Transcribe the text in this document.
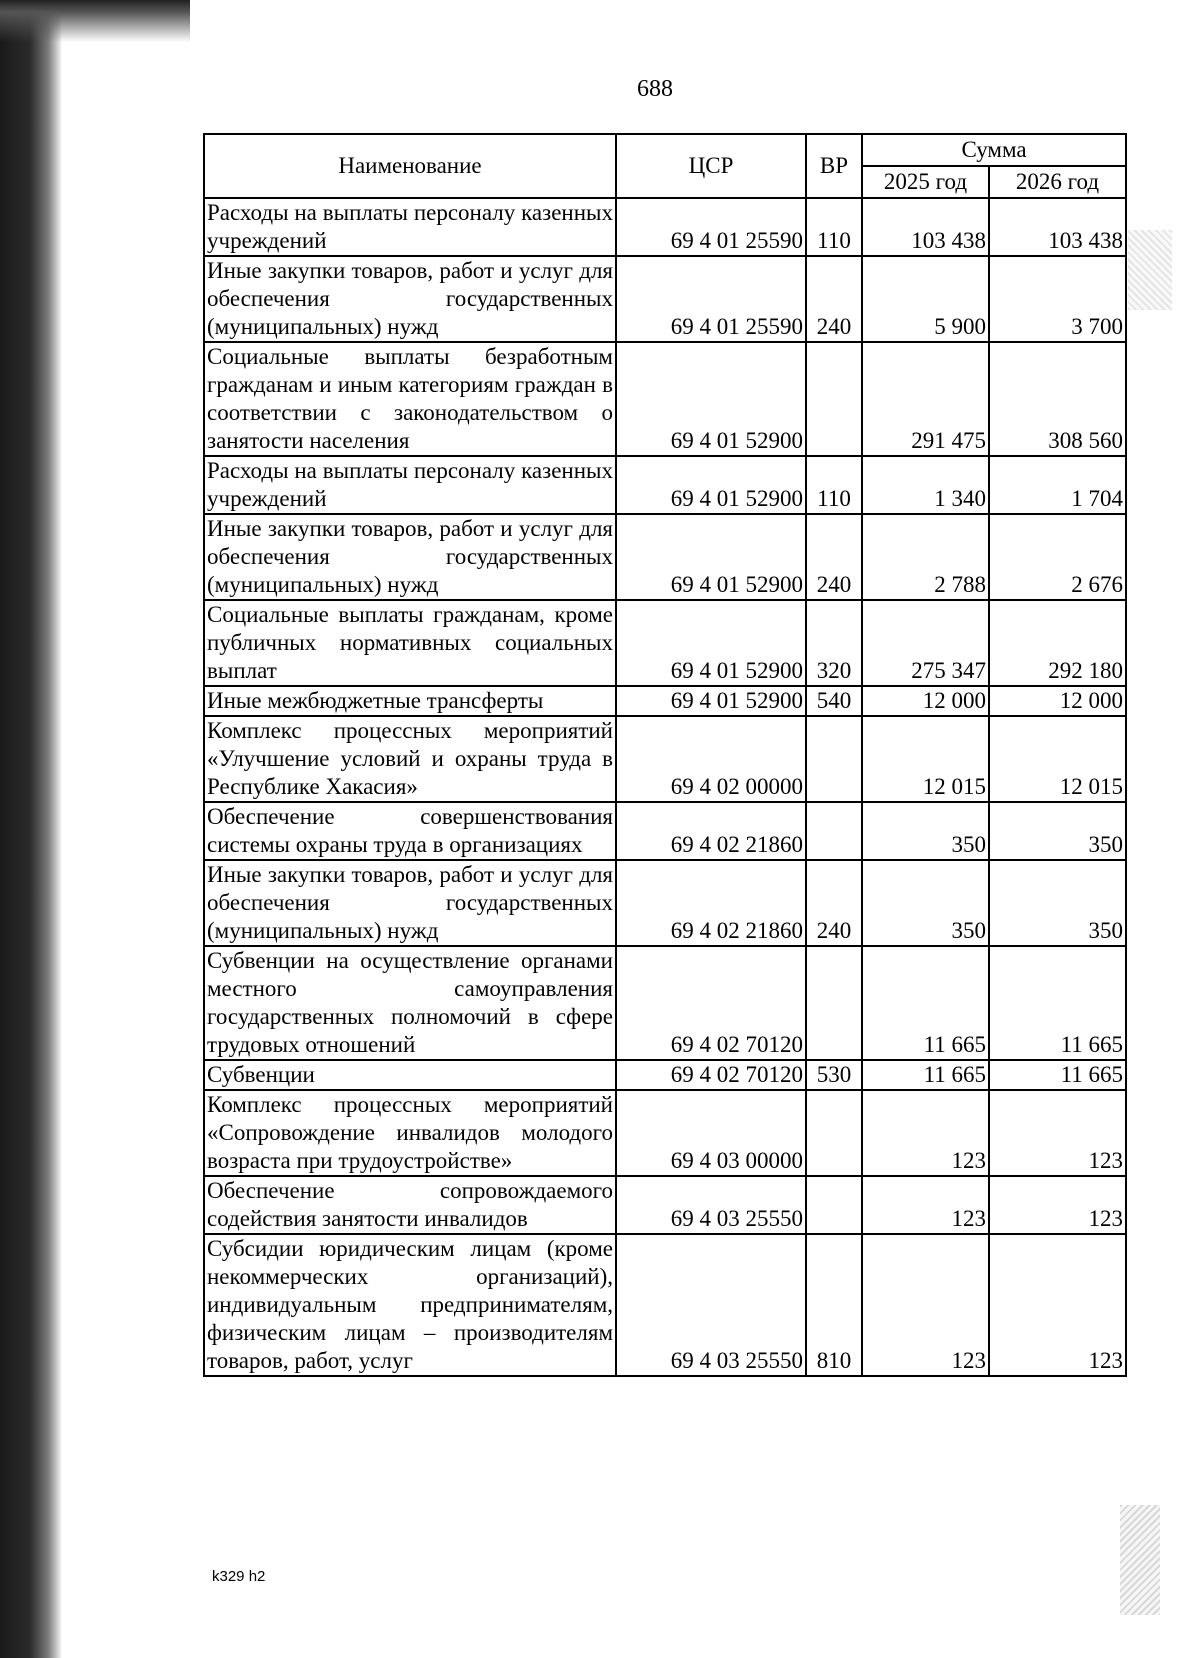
688
Наименование	ЦСР	ВР	Сумма	
			2025 год	2026 год
Расходы на выплаты персоналу казенных учреждений	69 4 01 25590	110	103 438	103 438
Иные закупки товаров, работ и услуг для обеспечения государственных (муниципальных) нужд	69 4 01 25590	240	5 900	3 700
Социальные выплаты безработным гражданам и иным категориям граждан в соответствии с законодательством о занятости населения	69 4 01 52900		291 475	308 560
Расходы на выплаты персоналу казенных учреждений	69 4 01 52900	110	1 340	1 704
Иные закупки товаров, работ и услуг для обеспечения государственных (муниципальных) нужд	69 4 01 52900	240	2 788	2 676
Социальные выплаты гражданам, кроме публичных нормативных социальных выплат	69 4 01 52900	320	275 347	292 180
Иные межбюджетные трансферты	69 4 01 52900	540	12 000	12 000
Комплекс процессных мероприятий «Улучшение условий и охраны труда в Республике Хакасия»	69 4 02 00000		12 015	12 015
Обеспечение совершенствования системы охраны труда в организациях	69 4 02 21860		350	350
Иные закупки товаров, работ и услуг для обеспечения государственных (муниципальных) нужд	69 4 02 21860	240	350	350
Субвенции на осуществление органами местного самоуправления государственных полномочий в сфере трудовых отношений	69 4 02 70120		11 665	11 665
Субвенции	69 4 02 70120	530	11 665	11 665
Комплекс процессных мероприятий «Сопровождение инвалидов молодого возраста при трудоустройстве»	69 4 03 00000		123	123
Обеспечение сопровождаемого содействия занятости инвалидов	69 4 03 25550		123	123
Субсидии юридическим лицам (кроме некоммерческих организаций), индивидуальным предпринимателям, физическим лицам – производителям товаров, работ, услуг	69 4 03 25550	810	123	123
k329 h2
